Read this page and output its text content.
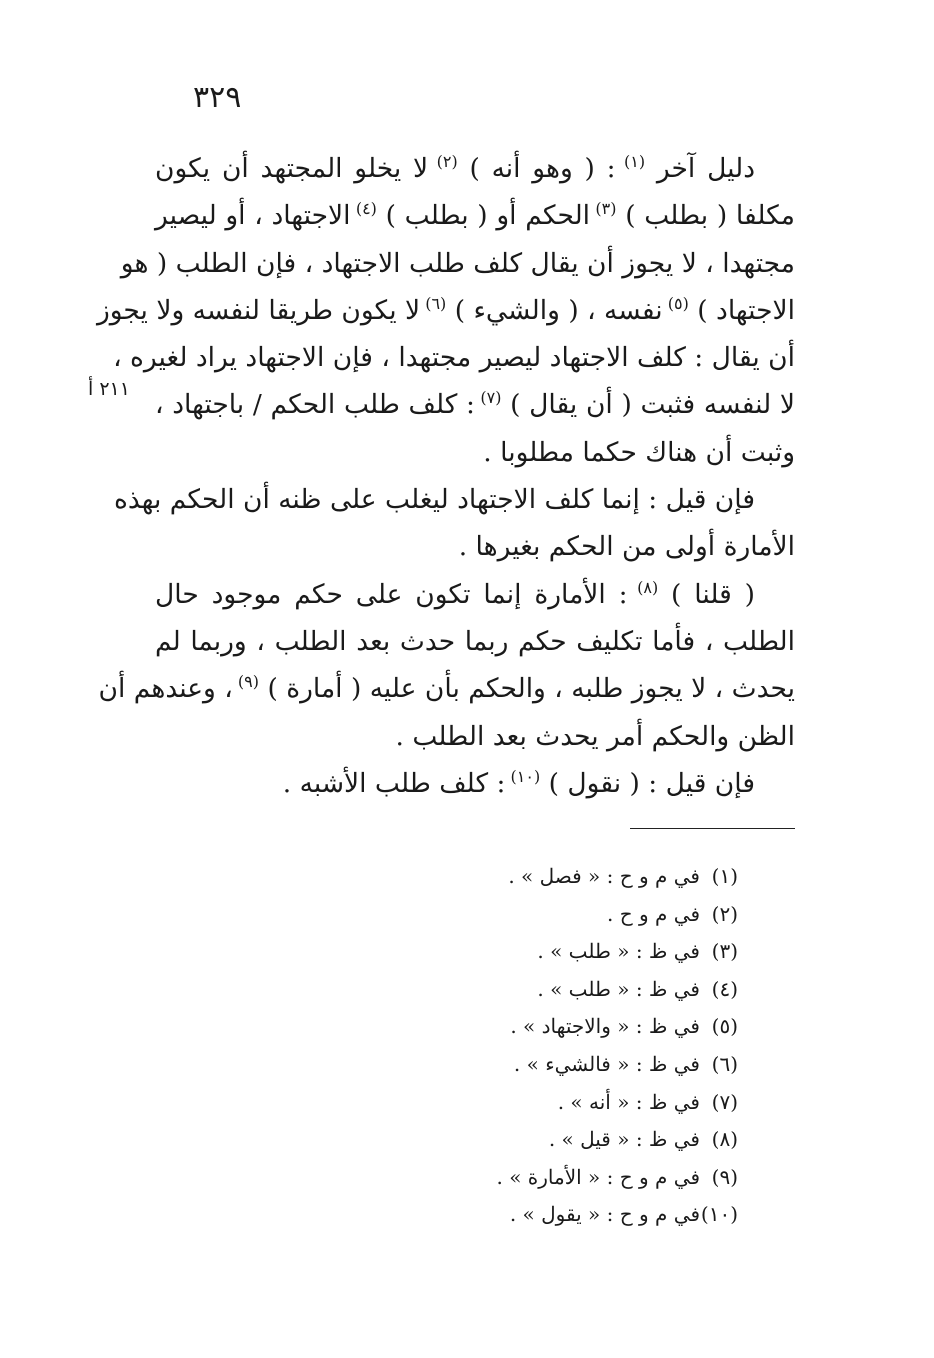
٣٢٩
دليل آخر $^{(١)}$ : ( وهو أنه ) $^{(٢)}$ لا يخلو المجتهد أن يكون
مكلفا ( بطلب ) $^{(٣)}$ الحكم أو ( بطلب ) $^{(٤)}$ الاجتهاد ، أو ليصير
مجتهدا ، لا يجوز أن يقال كلف طلب الاجتهاد ، فإن الطلب ( هو
الاجتهاد ) $^{(٥)}$ نفسه ، ( والشيء ) $^{(٦)}$ لا يكون طريقا لنفسه ولا يجوز
أن يقال : كلف الاجتهاد ليصير مجتهدا ، فإن الاجتهاد يراد لغيره ،
لا لنفسه فثبت ( أن يقال ) $^{(٧)}$ : كلف طلب الحكم / باجتهاد ،
وثبت أن هناك حكما مطلوبا .
فإن قيل : إنما كلف الاجتهاد ليغلب على ظنه أن الحكم بهذه
الأمارة أولى من الحكم بغيرها .
( قلنا ) $^{(٨)}$ : الأمارة إنما تكون على حكم موجود حال
الطلب ، فأما تكليف حكم ربما حدث بعد الطلب ، وربما لم
يحدث ، لا يجوز طلبه ، والحكم بأن عليه ( أمارة ) $^{(٩)}$ ، وعندهم أن
الظن والحكم أمر يحدث بعد الطلب .
فإن قيل : ( نقول ) $^{(١٠)}$ : كلف طلب الأشبه .
٢١١ أ
(١)في م و ح : « فصل » .
(٢)في م و ح .
(٣)في ظ : « طلب » .
(٤)في ظ : « طلب » .
(٥)في ظ : « والاجتهاد » .
(٦)في ظ : « فالشيء » .
(٧)في ظ : « أنه » .
(٨)في ظ : « قيل » .
(٩)في م و ح : « الأمارة » .
(١٠)في م و ح : « يقول » .
